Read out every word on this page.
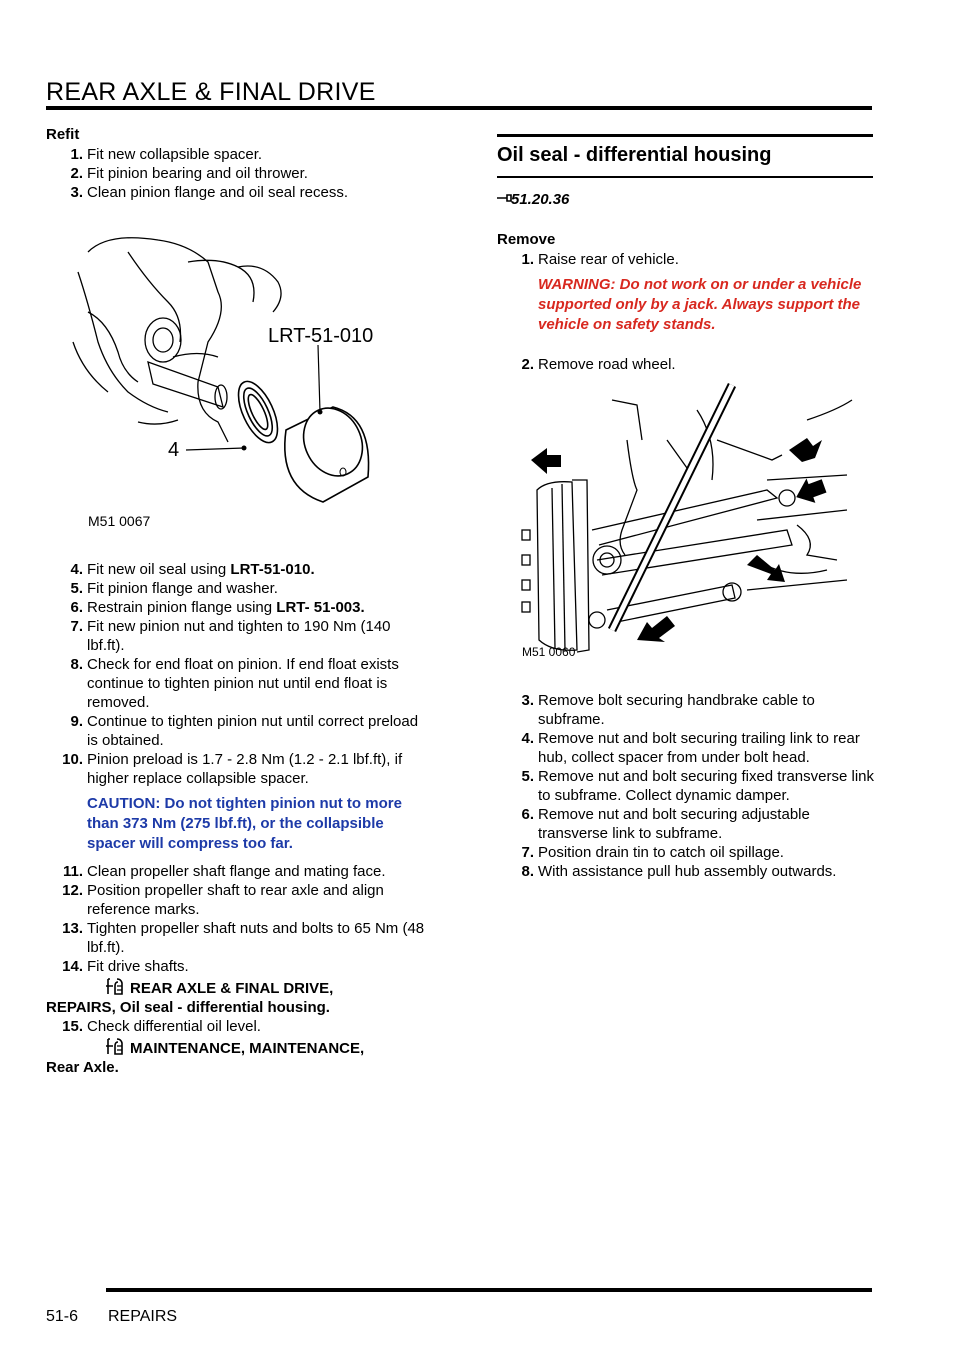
REAR AXLE & FINAL DRIVE
Refit
1. Fit new collapsible spacer.
2. Fit pinion bearing and oil thrower.
3. Clean pinion flange and oil seal recess.
4. Fit new oil seal using LRT-51-010.
5. Fit pinion flange and washer.
6. Restrain pinion flange using LRT- 51-003.
7. Fit new pinion nut and tighten to 190 Nm (140 lbf.ft).
8. Check for end float on pinion. If end float exists continue to tighten pinion nut until end float is removed.
9. Continue to tighten pinion nut until correct preload is obtained.
10. Pinion preload is 1.7 - 2.8 Nm (1.2 - 2.1 lbf.ft), if higher replace collapsible spacer.
CAUTION: Do not tighten pinion nut to more than 373 Nm (275 lbf.ft), or the collapsible spacer will compress too far.
11. Clean propeller shaft flange and mating face.
12. Position propeller shaft to rear axle and align reference marks.
13. Tighten propeller shaft nuts and bolts to 65 Nm (48 lbf.ft).
14. Fit drive shafts.
REAR AXLE & FINAL DRIVE,
REPAIRS, Oil seal - differential housing.
15. Check differential oil level.
MAINTENANCE, MAINTENANCE,
Rear Axle.
LRT-51-010
4
M51 0067
Oil seal - differential housing
51.20.36
Remove
1. Raise rear of vehicle.
WARNING: Do not work on or under a vehicle supported only by a jack. Always support the vehicle on safety stands.
2. Remove road wheel.
M51 0060
3. Remove bolt securing handbrake cable to subframe.
4. Remove nut and bolt securing trailing link to rear hub, collect spacer from under bolt head.
5. Remove nut and bolt securing fixed transverse link to subframe. Collect dynamic damper.
6. Remove nut and bolt securing adjustable transverse link to subframe.
7. Position drain tin to catch oil spillage.
8. With assistance pull hub assembly outwards.
51-6 REPAIRS
